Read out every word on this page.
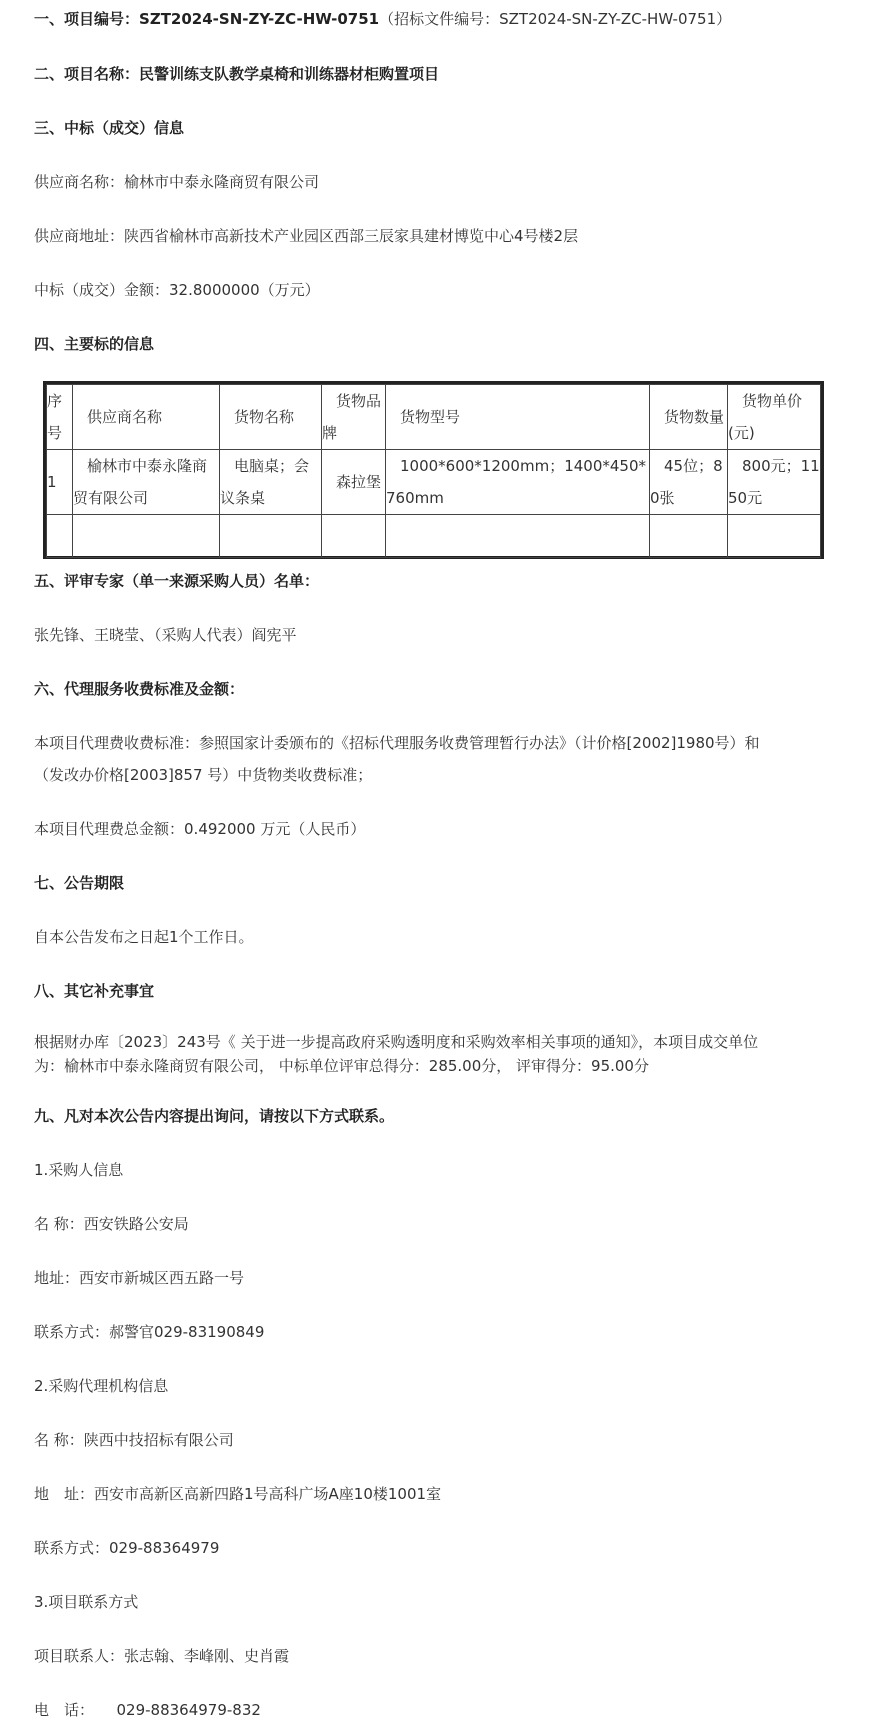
一、项目编号：SZT2024-SN-ZY-ZC-HW-0751（招标文件编号：SZT2024-SN-ZY-ZC-HW-0751）
二、项目名称：民警训练支队教学桌椅和训练器材柜购置项目
三、中标（成交）信息
供应商名称：榆林市中泰永隆商贸有限公司
供应商地址：陕西省榆林市高新技术产业园区西部三辰家具建材博览中心4号楼2层
中标（成交）金额：32.8000000（万元）
四、主要标的信息
序号	供应商名称	货物名称	货物品牌	货物型号	货物数量	货物单价(元)
1	榆林市中泰永隆商贸有限公司	电脑桌；会议条桌	森拉堡	1000*600*1200mm；1400*450*760mm	45位；80张	800元；1150元

五、评审专家（单一来源采购人员）名单：
张先锋、王晓莹、（采购人代表）阎宪平
六、代理服务收费标准及金额：
本项目代理费收费标准：参照国家计委颁布的《招标代理服务收费管理暂行办法》（计价格[2002]1980号）和
（发改办价格[2003]857 号）中货物类收费标准；
本项目代理费总金额：0.492000 万元（人民币）
七、公告期限
自本公告发布之日起1个工作日。
八、其它补充事宜
根据财办库〔2023〕243号《 关于进一步提高政府采购透明度和采购效率相关事项的通知》，本项目成交单位
为：榆林市中泰永隆商贸有限公司， 中标单位评审总得分：285.00分， 评审得分：95.00分
九、凡对本次公告内容提出询问，请按以下方式联系。
1.采购人信息
名 称：西安铁路公安局
地址：西安市新城区西五路一号
联系方式：郝警官029-83190849
2.采购代理机构信息
名 称：陕西中技招标有限公司
地　址：西安市高新区高新四路1号高科广场A座10楼1001室
联系方式：029-88364979
3.项目联系方式
项目联系人：张志翰、李峰刚、史肖霞
电　话：　　029-88364979-832
